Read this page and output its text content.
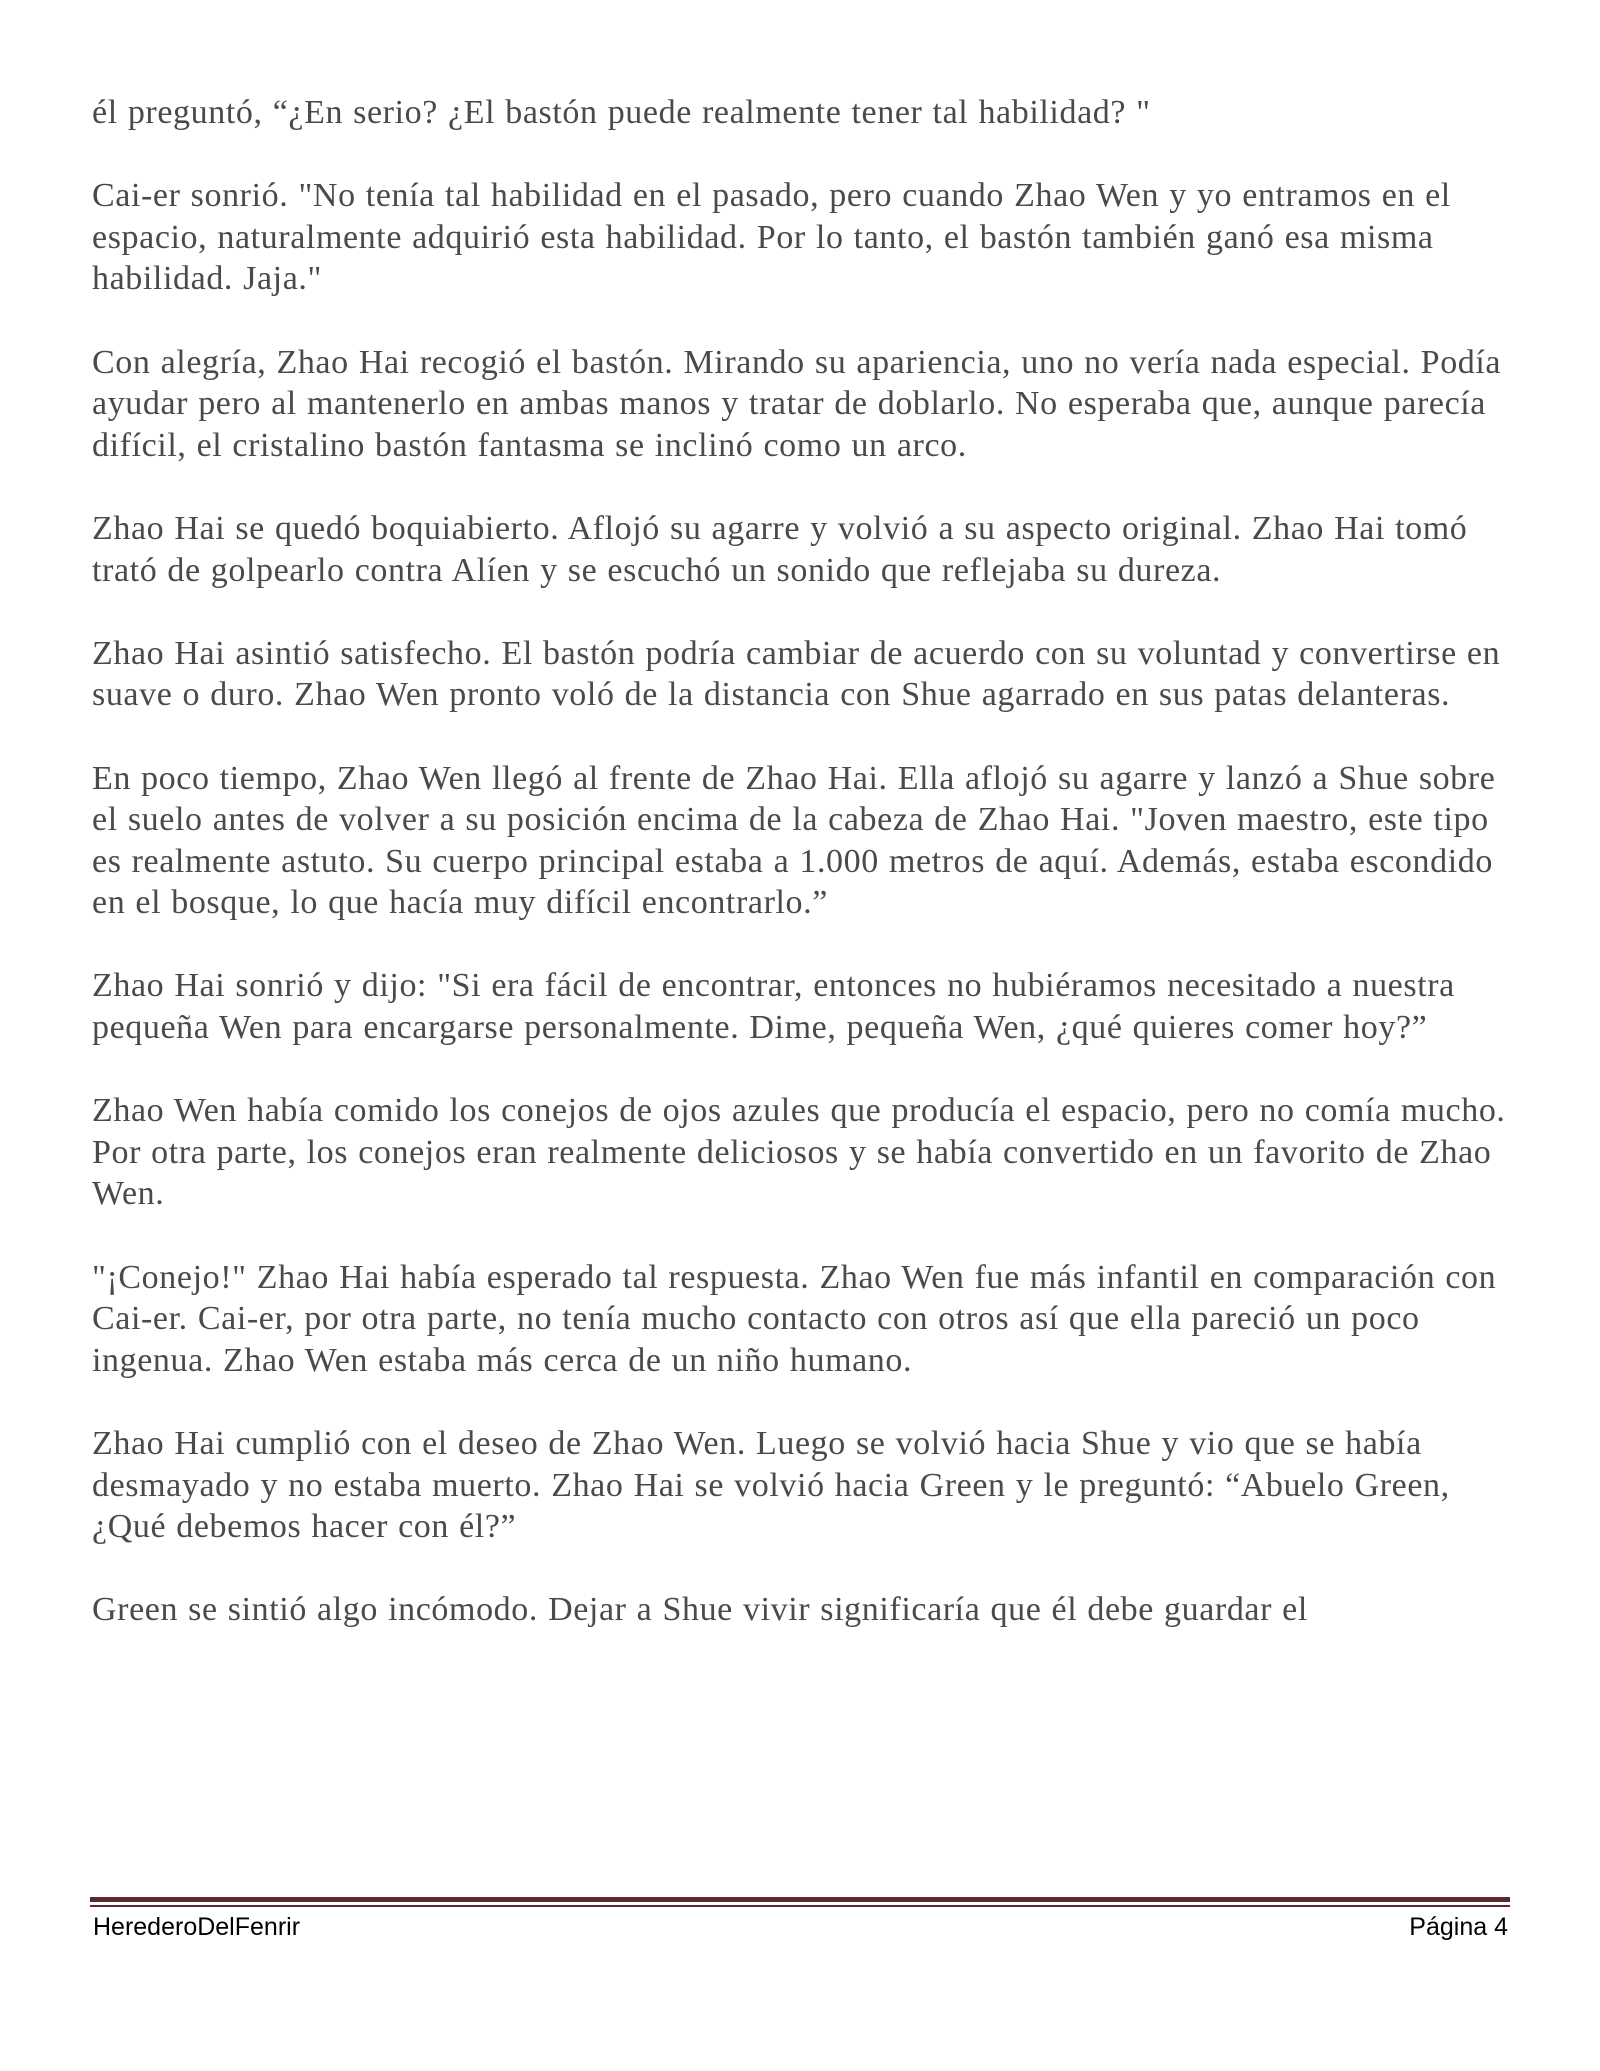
él preguntó, “¿En serio? ¿El bastón puede realmente tener tal habilidad? "

Cai-er sonrió. "No tenía tal habilidad en el pasado, pero cuando Zhao Wen y yo entramos en el espacio, naturalmente adquirió esta habilidad. Por lo tanto, el bastón también ganó esa misma habilidad. Jaja."

Con alegría, Zhao Hai recogió el bastón. Mirando su apariencia, uno no vería nada especial. Podía ayudar pero al mantenerlo en ambas manos y tratar de doblarlo. No esperaba que, aunque parecía difícil, el cristalino bastón fantasma se inclinó como un arco.

Zhao Hai se quedó boquiabierto. Aflojó su agarre y volvió a su aspecto original. Zhao Hai tomó trató de golpearlo contra Alíen y se escuchó un sonido que reflejaba su dureza.

Zhao Hai asintió satisfecho. El bastón podría cambiar de acuerdo con su voluntad y convertirse en suave o duro. Zhao Wen pronto voló de la distancia con Shue agarrado en sus patas delanteras.

En poco tiempo, Zhao Wen llegó al frente de Zhao Hai. Ella aflojó su agarre y lanzó a Shue sobre el suelo antes de volver a su posición encima de la cabeza de Zhao Hai. "Joven maestro, este tipo es realmente astuto. Su cuerpo principal estaba a 1.000 metros de aquí. Además, estaba escondido en el bosque, lo que hacía muy difícil encontrarlo.”

Zhao Hai sonrió y dijo: "Si era fácil de encontrar, entonces no hubiéramos necesitado a nuestra pequeña Wen para encargarse personalmente. Dime, pequeña Wen, ¿qué quieres comer hoy?”

Zhao Wen había comido los conejos de ojos azules que producía el espacio, pero no comía mucho. Por otra parte, los conejos eran realmente deliciosos y se había convertido en un favorito de Zhao Wen.

"¡Conejo!" Zhao Hai había esperado tal respuesta. Zhao Wen fue más infantil en comparación con Cai-er. Cai-er, por otra parte, no tenía mucho contacto con otros así que ella pareció un poco ingenua. Zhao Wen estaba más cerca de un niño humano.

Zhao Hai cumplió con el deseo de Zhao Wen. Luego se volvió hacia Shue y vio que se había desmayado y no estaba muerto. Zhao Hai se volvió hacia Green y le preguntó: “Abuelo Green, ¿Qué debemos hacer con él?”

Green se sintió algo incómodo. Dejar a Shue vivir significaría que él debe guardar el

HerederoDelFenrir	Página 4
